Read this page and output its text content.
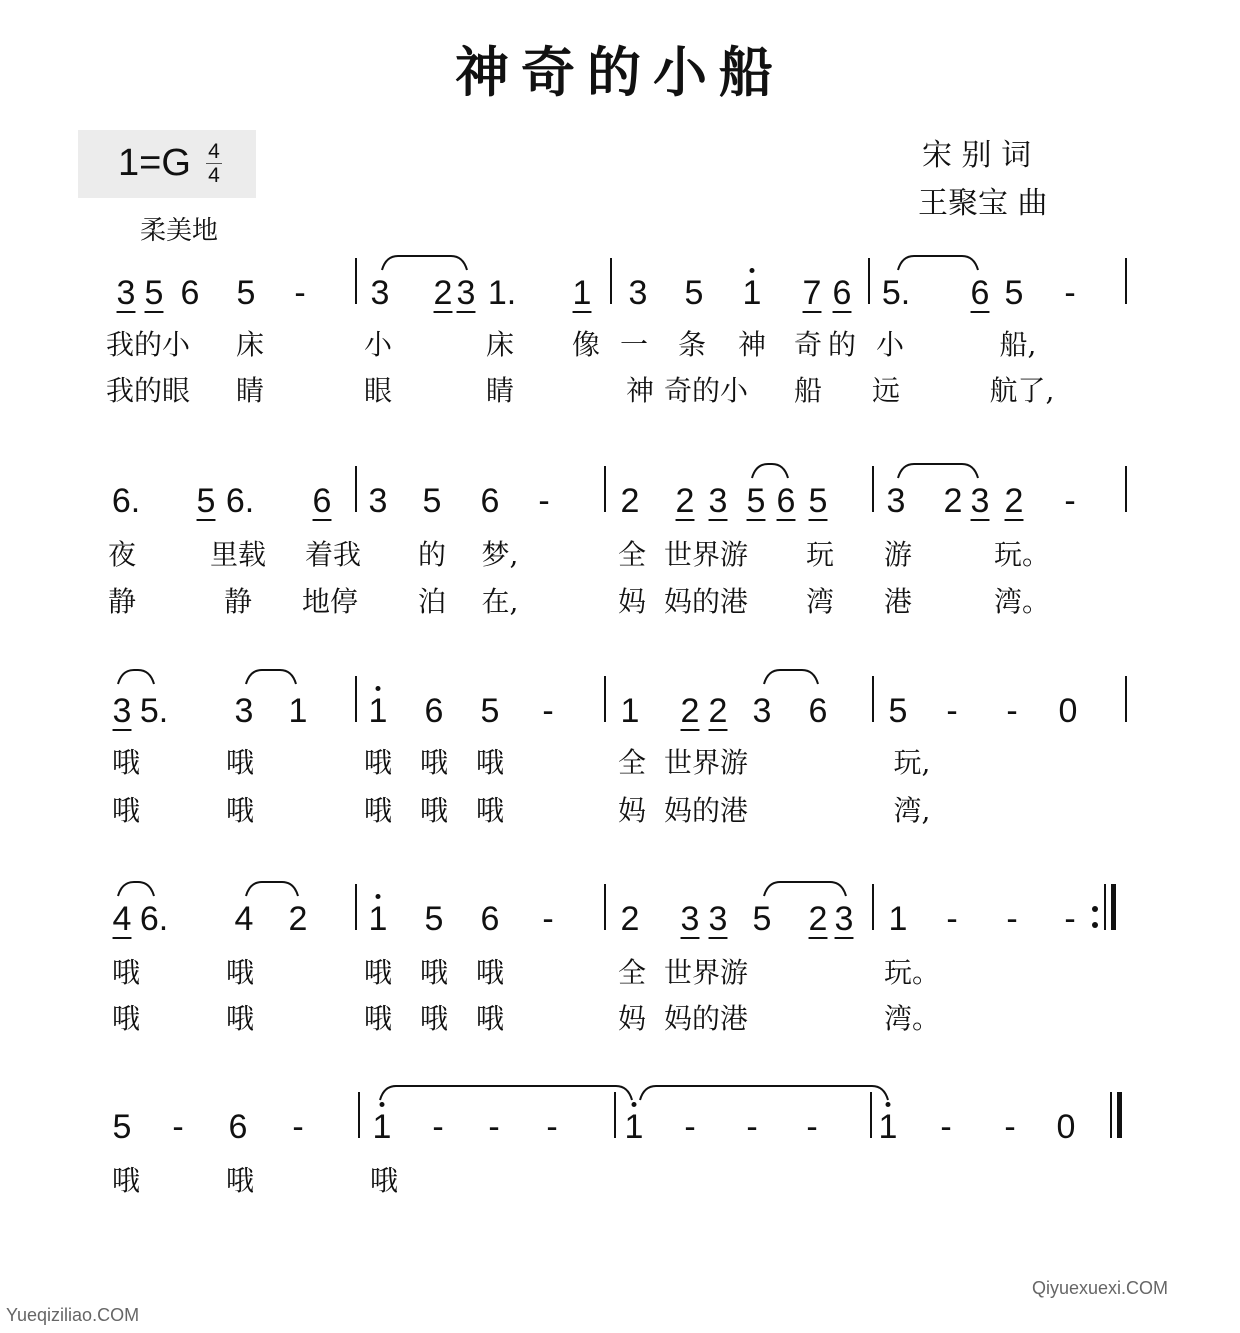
神奇的小船
1=G 4
4
柔美地
宋 别 词
王聚宝 曲
3 5 6 5 - 3 2 3 1. 1 3 5 1 7 6 5. 6 5 -
我的小 床	小	床 像 一 条 神 奇 的 小	船,
我的眼 睛	眼	睛	神 奇的小 船 远	航了,
6. 5 6. 6 3 5 6 - 2 2 3 5 6 5 3 2 3 2 -
夜	里载 着我 的 梦,	全 世界游 玩 游	玩。
静	静 地停 泊 在,	妈 妈的港 湾 港	湾。
3 5. 3 1 1 6 5 - 1 2 2 3 6 5 - - 0
哦	哦	哦 哦 哦	全 世界游	玩,
哦	哦	哦 哦 哦	妈 妈的港	湾,
4 6. 4 2 1 5 6 - 2 3 3 5 2 3 1 - - -
哦	哦	哦 哦 哦	全 世界游	玩。
哦	哦	哦 哦 哦	妈 妈的港	湾。
5 - 6 - 1 - - - 1 - - - 1 - - 0
哦	哦	哦
Yueqiziliao.COM
Qiyuexuexi.COM
